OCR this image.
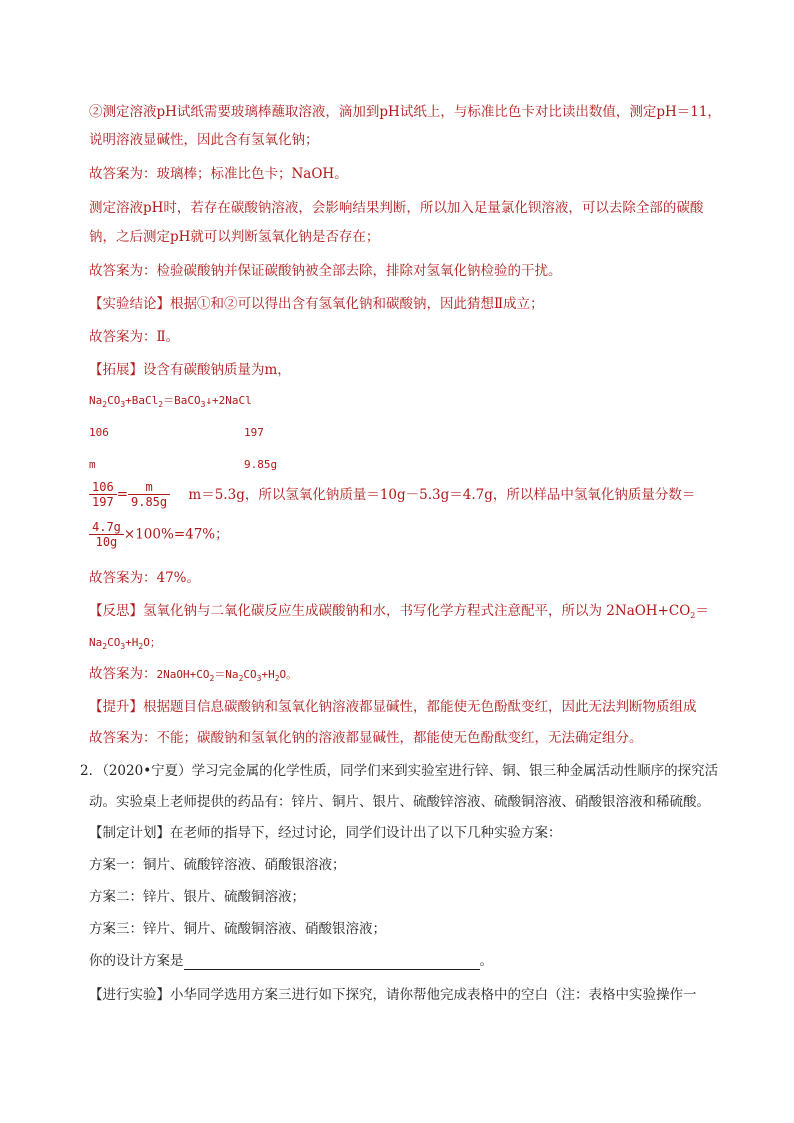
②测定溶液pH试纸需要玻璃棒蘸取溶液，滴加到pH试纸上，与标准比色卡对比读出数值，测定pH＝11，
说明溶液显碱性，因此含有氢氧化钠；
故答案为：玻璃棒；标准比色卡；NaOH。
测定溶液pH时，若存在碳酸钠溶液，会影响结果判断，所以加入足量氯化钡溶液，可以去除全部的碳酸
钠，之后测定pH就可以判断氢氧化钠是否存在；
故答案为：检验碳酸钠并保证碳酸钠被全部去除，排除对氢氧化钠检验的干扰。
【实验结论】根据①和②可以得出含有氢氧化钠和碳酸钠，因此猜想Ⅱ成立；
故答案为：Ⅱ。
【拓展】设含有碳酸钠质量为m，
$Na_2CO_3+BaCl_2=BaCO_3↓+2NaCl$
106	197
m	9.85g
$\frac{106}{197} = \frac{m}{9.85g} m=5.3g$，所以氢氧化钠质量＝10g－5.3g＝4.7g，所以样品中氢氧化钠质量分数＝
$\frac{4.7g}{10g} \times 100\%=47\%$；
故答案为：47%。
【反思】氢氧化钠与二氧化碳反应生成碳酸钠和水，书写化学方程式注意配平，所以为 $2NaOH+CO_2=$
$Na_2CO_3+H_2O$；
故答案为：$2NaOH+CO_2=Na_2CO_3+H_2O$。
【提升】根据题目信息碳酸钠和氢氧化钠溶液都显碱性，都能使无色酚酞变红，因此无法判断物质组成
故答案为：不能；碳酸钠和氢氧化钠的溶液都显碱性，都能使无色酚酞变红，无法确定组分。
2．（2020•宁夏）学习完金属的化学性质，同学们来到实验室进行锌、铜、银三种金属活动性顺序的探究活
动。实验桌上老师提供的药品有：锌片、铜片、银片、硫酸锌溶液、硫酸铜溶液、硝酸银溶液和稀硫酸。
【制定计划】在老师的指导下，经过讨论，同学们设计出了以下几种实验方案：
方案一：铜片、硫酸锌溶液、硝酸银溶液；
方案二：锌片、银片、硫酸铜溶液；
方案三：锌片、铜片、硫酸铜溶液、硝酸银溶液；
你的设计方案是	。
【进行实验】小华同学选用方案三进行如下探究，请你帮他完成表格中的空白（注：表格中实验操作一
